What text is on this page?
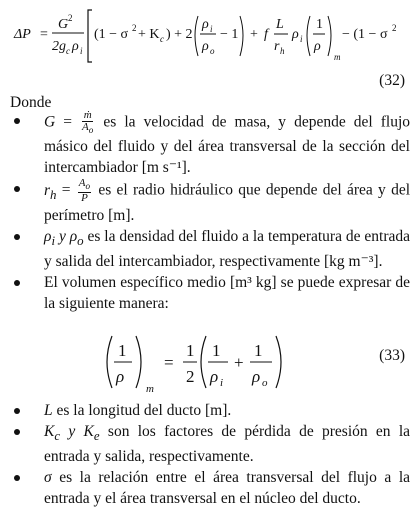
ΔP =
G 2
2g c ρ i
(1 − σ 2 + K c ) + 2
ρ i
ρ o
− 1 + f
L
r h
ρ i
1
ρ
m
− (1 − σ 2
(32)
Donde
$G = \frac{\text{ṁ}}{A_o}$ es la velocidad de masa, y depende del flujo másico del fluido y del área transversal de la sección del intercambiador [m s⁻¹].
$r_h = \frac{A_o}{P}$ es el radio hidráulico que depende del área y del perímetro [m].
$\rho_i$ y $\rho_o$ es la densidad del fluido a la temperatura de entrada y salida del intercambiador, respectivamente [kg m⁻³].
El volumen específico medio [m³ kg] se puede expresar de la siguiente manera:
1
ρ
m
=
1
2
1
ρ i
+
1
ρ o
(33)
L es la longitud del ducto [m].
$K_c$ y $K_e$ son los factores de pérdida de presión en la entrada y salida, respectivamente.
σ es la relación entre el área transversal del flujo a la entrada y el área transversal en el núcleo del ducto.
